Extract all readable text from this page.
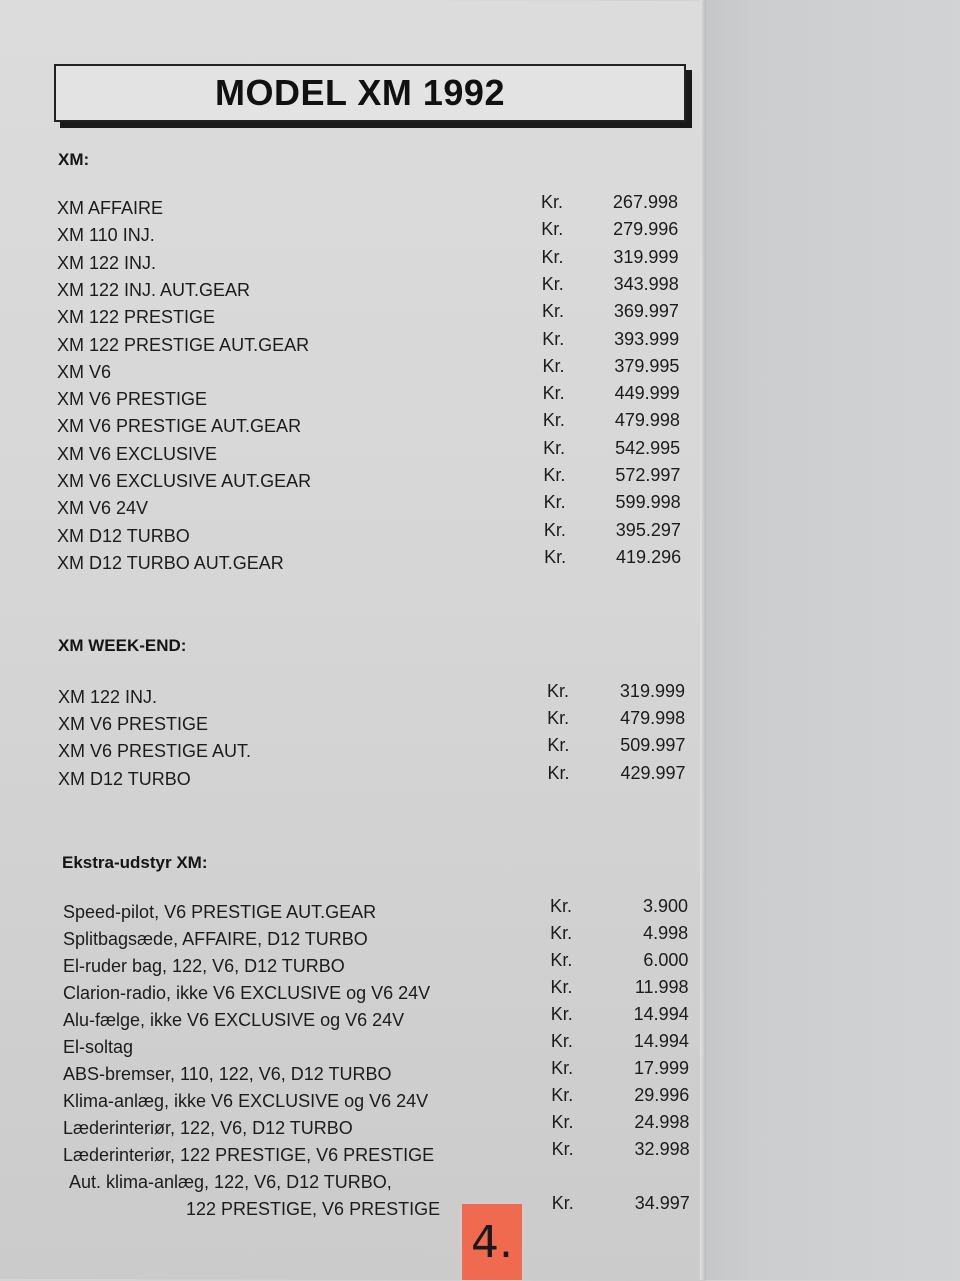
MODEL XM 1992
XM:
XM WEEK-END:
Ekstra-udstyr XM:
XM AFFAIRE	Kr.	267.998
XM 110 INJ.	Kr.	279.996
XM 122 INJ.	Kr.	319.999
XM 122 INJ. AUT.GEAR	Kr.	343.998
XM 122 PRESTIGE	Kr.	369.997
XM 122 PRESTIGE AUT.GEAR	Kr.	393.999
XM V6	Kr.	379.995
XM V6 PRESTIGE	Kr.	449.999
XM V6 PRESTIGE AUT.GEAR	Kr.	479.998
XM V6 EXCLUSIVE	Kr.	542.995
XM V6 EXCLUSIVE AUT.GEAR	Kr.	572.997
XM V6 24V	Kr.	599.998
XM D12 TURBO	Kr.	395.297
XM D12 TURBO AUT.GEAR	Kr.	419.296
XM 122 INJ.	Kr.	319.999
XM V6 PRESTIGE	Kr.	479.998
XM V6 PRESTIGE AUT.	Kr.	509.997
XM D12 TURBO	Kr.	429.997
Speed-pilot, V6 PRESTIGE AUT.GEAR	Kr.	3.900
Splitbagsæde, AFFAIRE, D12 TURBO	Kr.	4.998
El-ruder bag, 122, V6, D12 TURBO	Kr.	6.000
Clarion-radio, ikke V6 EXCLUSIVE og V6 24V	Kr.	11.998
Alu-fælge, ikke V6 EXCLUSIVE og V6 24V	Kr.	14.994
El-soltag	Kr.	14.994
ABS-bremser, 110, 122, V6, D12 TURBO	Kr.	17.999
Klima-anlæg, ikke V6 EXCLUSIVE og V6 24V	Kr.	29.996
Læderinteriør, 122, V6, D12 TURBO	Kr.	24.998
Læderinteriør, 122 PRESTIGE, V6 PRESTIGE	Kr.	32.998
Aut. klima-anlæg, 122, V6, D12 TURBO,
122 PRESTIGE, V6 PRESTIGE	Kr.	34.997
4.
